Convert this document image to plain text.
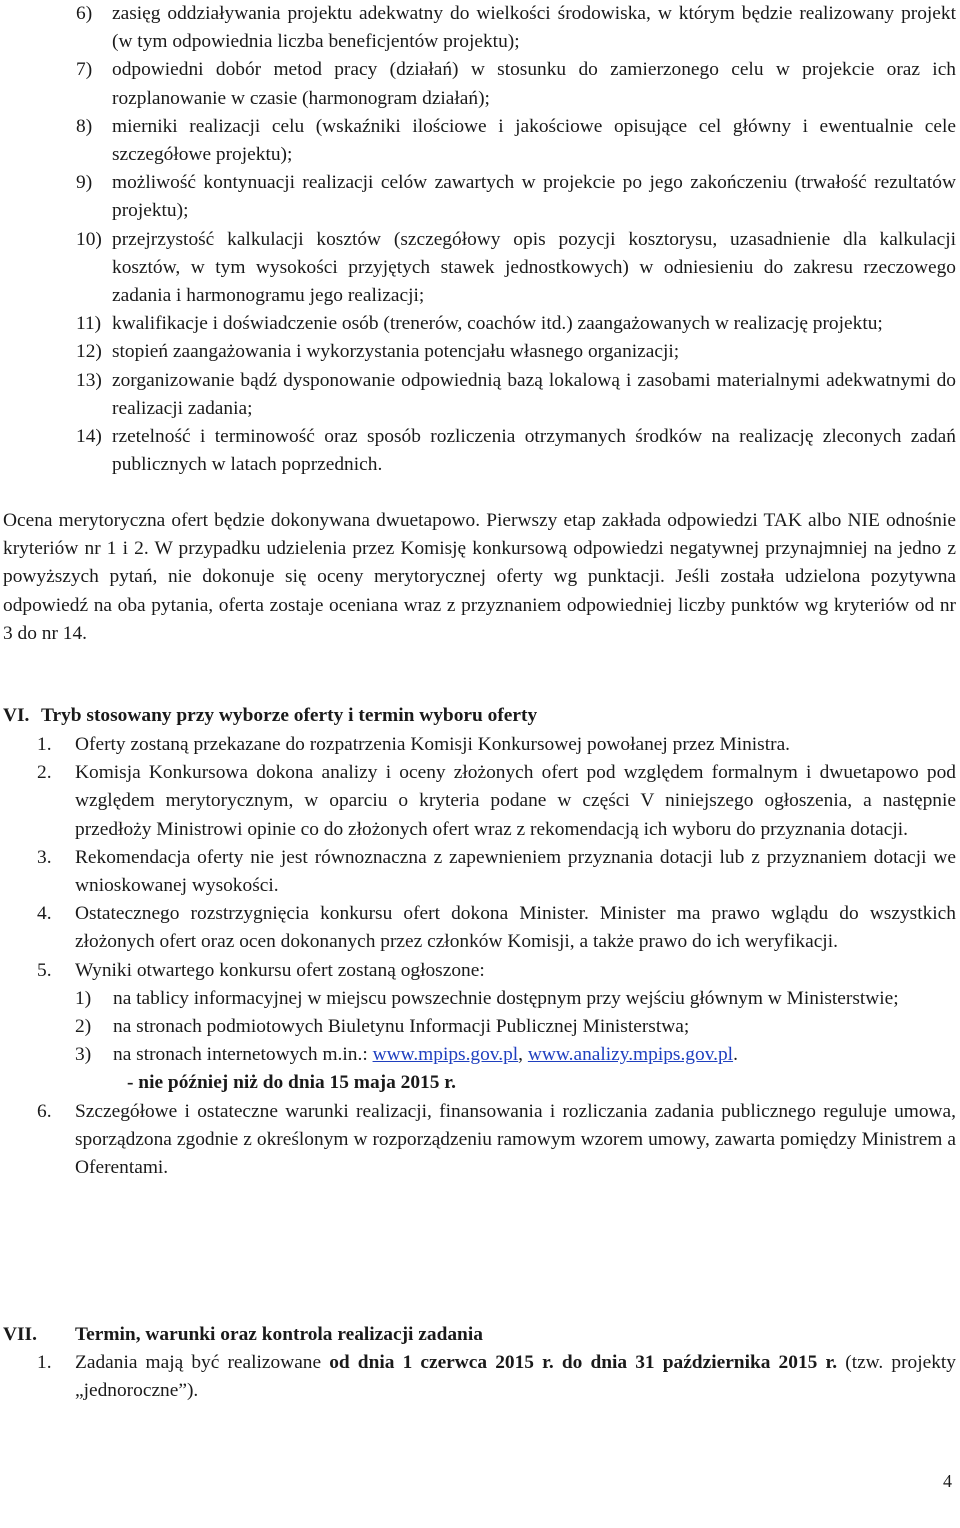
6)	zasięg oddziaływania projektu adekwatny do wielkości środowiska, w którym będzie realizowany projekt (w tym odpowiednia liczba beneficjentów projektu);
7)	odpowiedni dobór metod pracy (działań) w stosunku do zamierzonego celu w projekcie oraz ich rozplanowanie w czasie (harmonogram działań);
8)	mierniki realizacji celu (wskaźniki ilościowe i jakościowe opisujące cel główny i ewentualnie cele szczegółowe projektu);
9)	możliwość kontynuacji realizacji celów zawartych w projekcie po jego zakończeniu (trwałość rezultatów projektu);
10) przejrzystość kalkulacji kosztów (szczegółowy opis pozycji kosztorysu, uzasadnienie dla kalkulacji kosztów, w tym wysokości przyjętych stawek jednostkowych) w odniesieniu do zakresu rzeczowego zadania i harmonogramu jego realizacji;
11) kwalifikacje i doświadczenie osób (trenerów, coachów itd.) zaangażowanych w realizację projektu;
12) stopień zaangażowania i wykorzystania potencjału własnego organizacji;
13) zorganizowanie bądź dysponowanie odpowiednią bazą lokalową i zasobami materialnymi adekwatnymi do realizacji zadania;
14) rzetelność i terminowość oraz sposób rozliczenia otrzymanych środków na realizację zleconych zadań publicznych w latach poprzednich.
Ocena merytoryczna ofert będzie dokonywana dwuetapowo. Pierwszy etap zakłada odpowiedzi TAK albo NIE odnośnie kryteriów nr 1 i 2. W przypadku udzielenia przez Komisję konkursową odpowiedzi negatywnej przynajmniej na jedno z powyższych pytań, nie dokonuje się oceny merytorycznej oferty wg punktacji. Jeśli została udzielona pozytywna odpowiedź na oba pytania, oferta zostaje oceniana wraz z przyznaniem odpowiedniej liczby punktów wg kryteriów od nr 3 do nr 14.
VI. Tryb stosowany przy wyborze oferty i termin wyboru oferty
1.	Oferty zostaną przekazane do rozpatrzenia Komisji Konkursowej powołanej przez Ministra.
2.	Komisja Konkursowa dokona analizy i oceny złożonych ofert pod względem formalnym i dwuetapowo pod względem merytorycznym, w oparciu o kryteria podane w części V niniejszego ogłoszenia, a następnie przedłoży Ministrowi opinie co do złożonych ofert wraz z rekomendacją ich wyboru do przyznania dotacji.
3.	Rekomendacja oferty nie jest równoznaczna z zapewnieniem przyznania dotacji lub z przyznaniem dotacji we wnioskowanej wysokości.
4.	Ostatecznego rozstrzygnięcia konkursu ofert dokona Minister. Minister ma prawo wglądu do wszystkich złożonych ofert oraz ocen dokonanych przez członków Komisji, a także prawo do ich weryfikacji.
5.	Wyniki otwartego konkursu ofert zostaną ogłoszone:
1)	na tablicy informacyjnej w miejscu powszechnie dostępnym przy wejściu głównym w Ministerstwie;
2)	na stronach podmiotowych Biuletynu Informacji Publicznej Ministerstwa;
3)	na stronach internetowych m.in.: www.mpips.gov.pl, www.analizy.mpips.gov.pl.
- nie później niż do dnia 15 maja 2015 r.
6.	Szczegółowe i ostateczne warunki realizacji, finansowania i rozliczania zadania publicznego reguluje umowa, sporządzona zgodnie z określonym w rozporządzeniu ramowym wzorem umowy, zawarta pomiędzy Ministrem a Oferentami.
VII. Termin, warunki oraz kontrola realizacji zadania
1.	Zadania mają być realizowane od dnia 1 czerwca 2015 r. do dnia 31 października 2015 r. (tzw. projekty „jednoroczne”).
4
